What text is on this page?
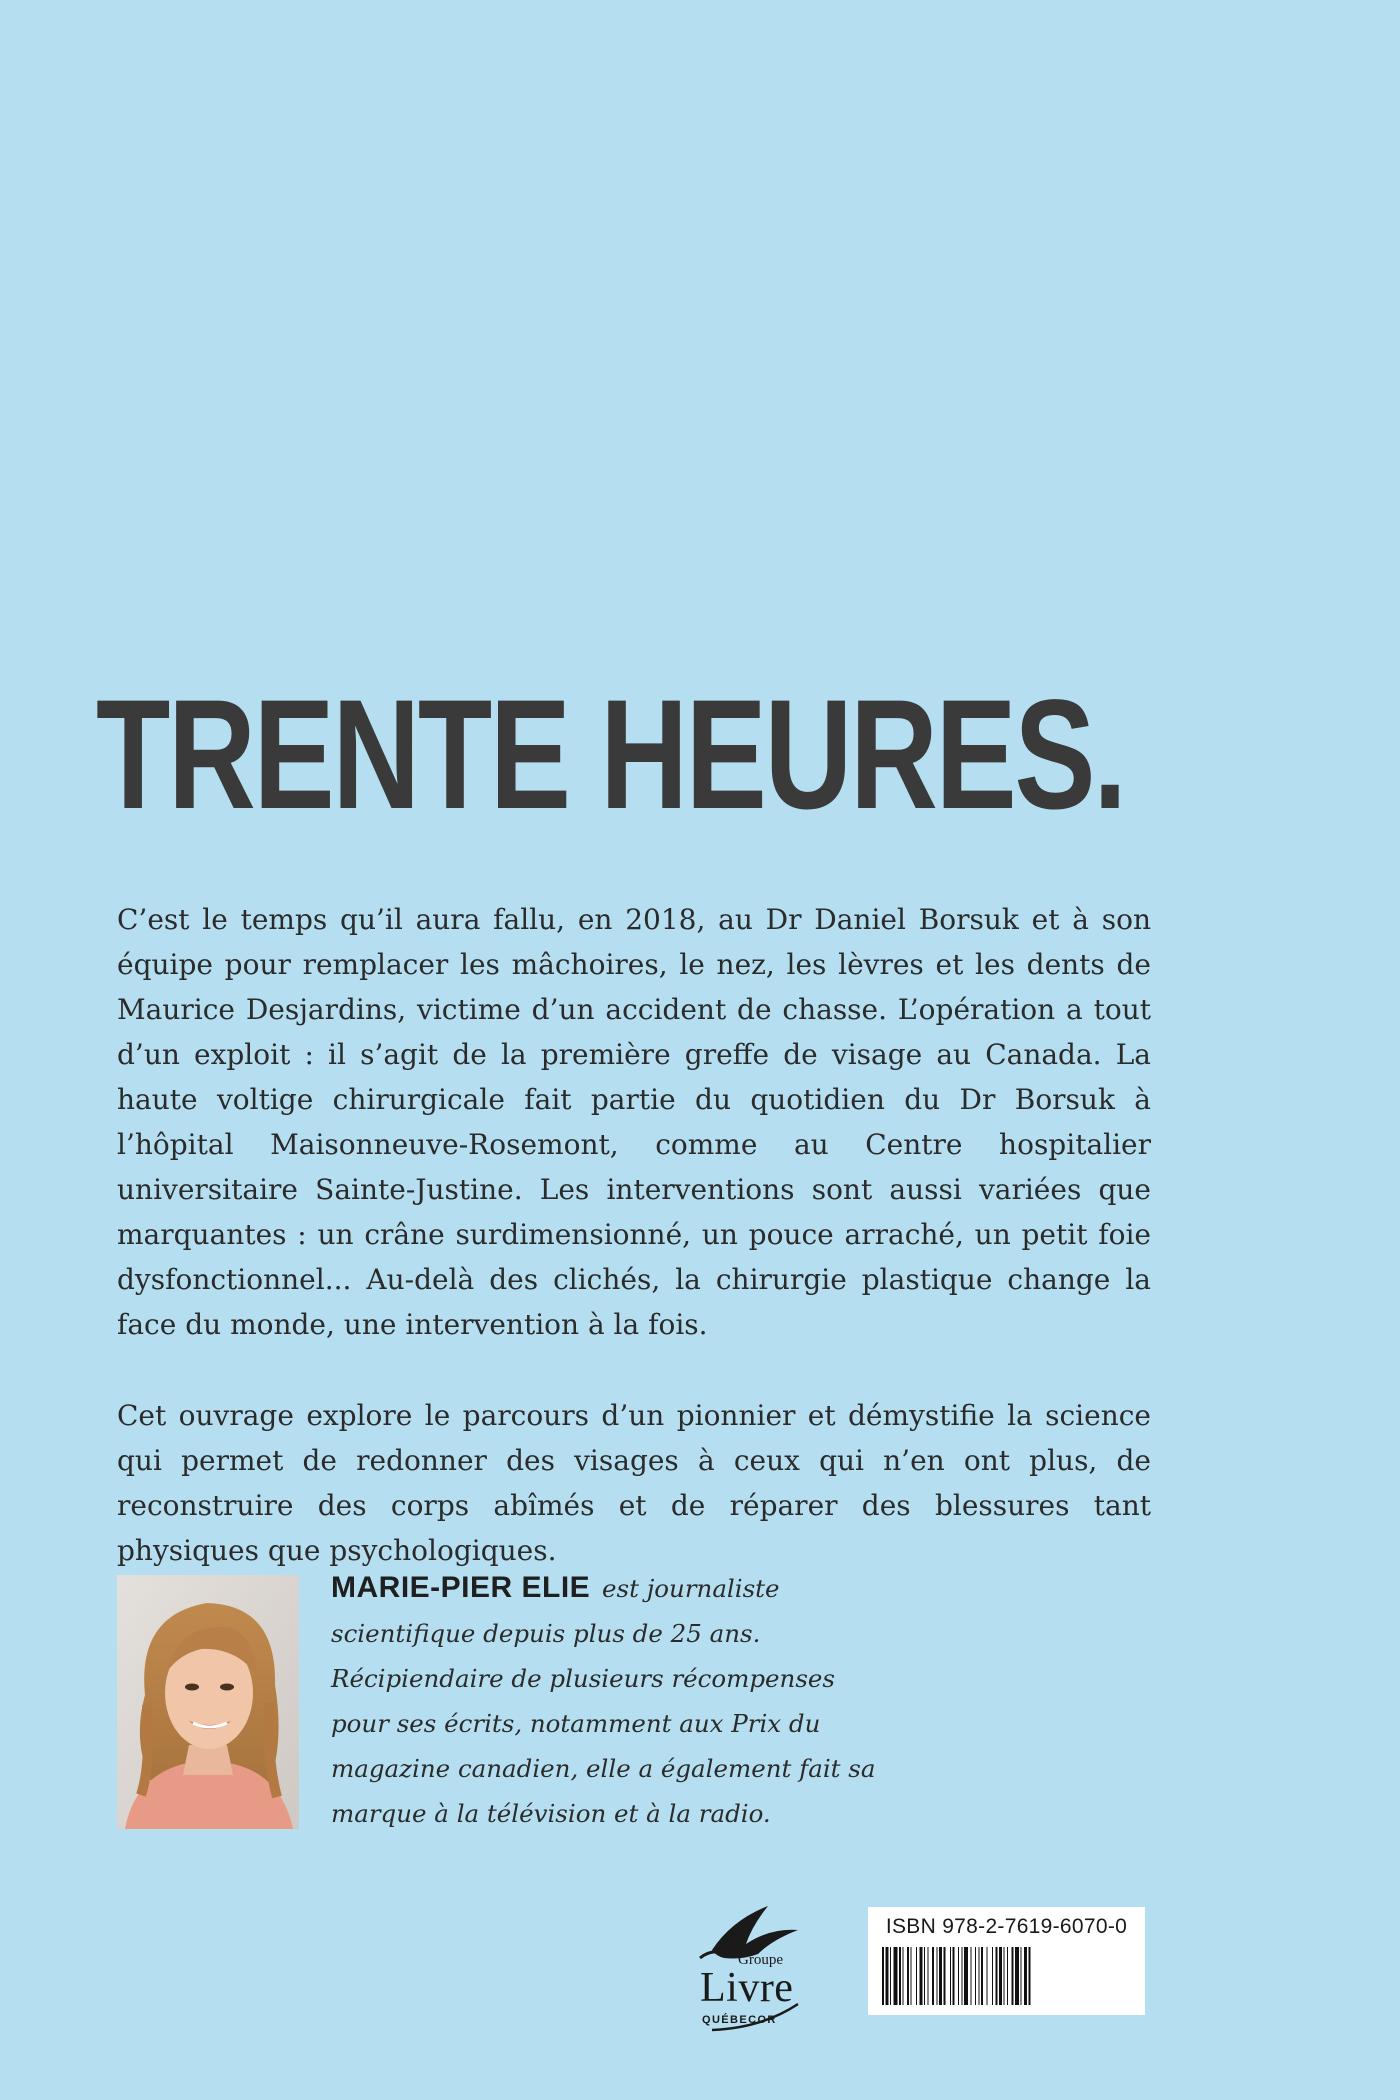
TRENTE HEURES.

C’est le temps qu’il aura fallu, en 2018, au Dr Daniel Borsuk et à son équipe pour remplacer les mâchoires, le nez, les lèvres et les dents de Maurice Desjardins, victime d’un accident de chasse. L’opération a tout d’un exploit : il s’agit de la première greffe de visage au Canada. La haute voltige chirurgicale fait partie du quotidien du Dr Borsuk à l’hôpital Maisonneuve-Rosemont, comme au Centre hospitalier universitaire Sainte-Justine. Les interventions sont aussi variées que marquantes : un crâne surdimensionné, un pouce arraché, un petit foie dysfonctionnel... Au-delà des clichés, la chirurgie plastique change la face du monde, une intervention à la fois.

Cet ouvrage explore le parcours d’un pionnier et démystifie la science qui permet de redonner des visages à ceux qui n’en ont plus, de reconstruire des corps abîmés et de réparer des blessures tant physiques que psychologiques.

MARIE-PIER ELIE est journaliste scientifique depuis plus de 25 ans. Récipiendaire de plusieurs récompenses pour ses écrits, notamment aux Prix du magazine canadien, elle a également fait sa marque à la télévision et à la radio.
Groupe
Livre
QUÉBECOR
ISBN 978-2-7619-6070-0
